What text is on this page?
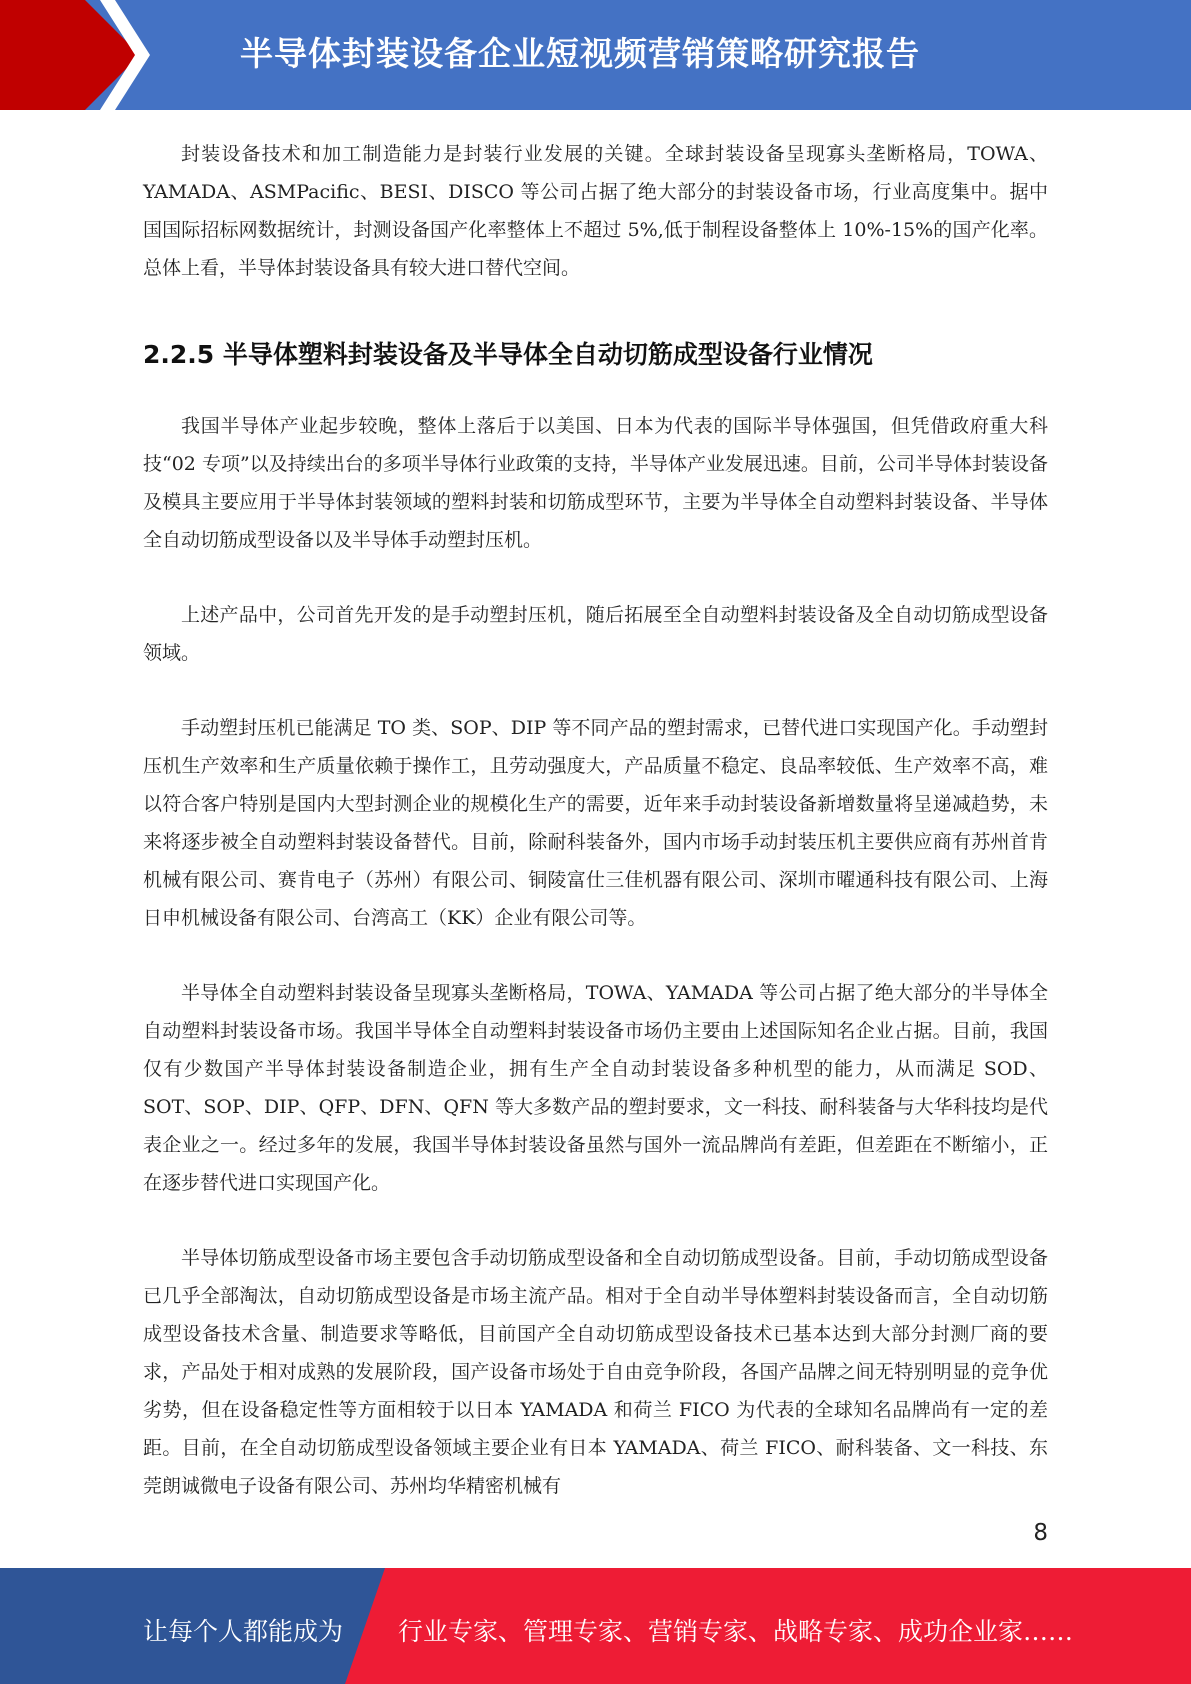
半导体封装设备企业短视频营销策略研究报告

封装设备技术和加工制造能力是封装行业发展的关键。全球封装设备呈现寡头垄断格局，TOWA、YAMADA、ASMPacific、BESI、DISCO 等公司占据了绝大部分的封装设备市场，行业高度集中。据中国国际招标网数据统计，封测设备国产化率整体上不超过 5%,低于制程设备整体上 10%-15%的国产化率。总体上看，半导体封装设备具有较大进口替代空间。

2.2.5 半导体塑料封装设备及半导体全自动切筋成型设备行业情况

我国半导体产业起步较晚，整体上落后于以美国、日本为代表的国际半导体强国，但凭借政府重大科技“02 专项”以及持续出台的多项半导体行业政策的支持，半导体产业发展迅速。目前，公司半导体封装设备及模具主要应用于半导体封装领域的塑料封装和切筋成型环节，主要为半导体全自动塑料封装设备、半导体全自动切筋成型设备以及半导体手动塑封压机。

上述产品中，公司首先开发的是手动塑封压机，随后拓展至全自动塑料封装设备及全自动切筋成型设备领域。

手动塑封压机已能满足 TO 类、SOP、DIP 等不同产品的塑封需求，已替代进口实现国产化。手动塑封压机生产效率和生产质量依赖于操作工，且劳动强度大，产品质量不稳定、良品率较低、生产效率不高，难以符合客户特别是国内大型封测企业的规模化生产的需要，近年来手动封装设备新增数量将呈递减趋势，未来将逐步被全自动塑料封装设备替代。目前，除耐科装备外，国内市场手动封装压机主要供应商有苏州首肯机械有限公司、赛肯电子（苏州）有限公司、铜陵富仕三佳机器有限公司、深圳市曜通科技有限公司、上海日申机械设备有限公司、台湾高工（KK）企业有限公司等。

半导体全自动塑料封装设备呈现寡头垄断格局，TOWA、YAMADA 等公司占据了绝大部分的半导体全自动塑料封装设备市场。我国半导体全自动塑料封装设备市场仍主要由上述国际知名企业占据。目前，我国仅有少数国产半导体封装设备制造企业，拥有生产全自动封装设备多种机型的能力，从而满足 SOD、SOT、SOP、DIP、QFP、DFN、QFN 等大多数产品的塑封要求，文一科技、耐科装备与大华科技均是代表企业之一。经过多年的发展，我国半导体封装设备虽然与国外一流品牌尚有差距，但差距在不断缩小，正在逐步替代进口实现国产化。

半导体切筋成型设备市场主要包含手动切筋成型设备和全自动切筋成型设备。目前，手动切筋成型设备已几乎全部淘汰，自动切筋成型设备是市场主流产品。相对于全自动半导体塑料封装设备而言，全自动切筋成型设备技术含量、制造要求等略低，目前国产全自动切筋成型设备技术已基本达到大部分封测厂商的要求，产品处于相对成熟的发展阶段，国产设备市场处于自由竞争阶段，各国产品牌之间无特别明显的竞争优劣势，但在设备稳定性等方面相较于以日本 YAMADA 和荷兰 FICO 为代表的全球知名品牌尚有一定的差距。目前，在全自动切筋成型设备领域主要企业有日本 YAMADA、荷兰 FICO、耐科装备、文一科技、东莞朗诚微电子设备有限公司、苏州均华精密机械有

8
让每个人都能成为 行业专家、管理专家、营销专家、战略专家、成功企业家……
